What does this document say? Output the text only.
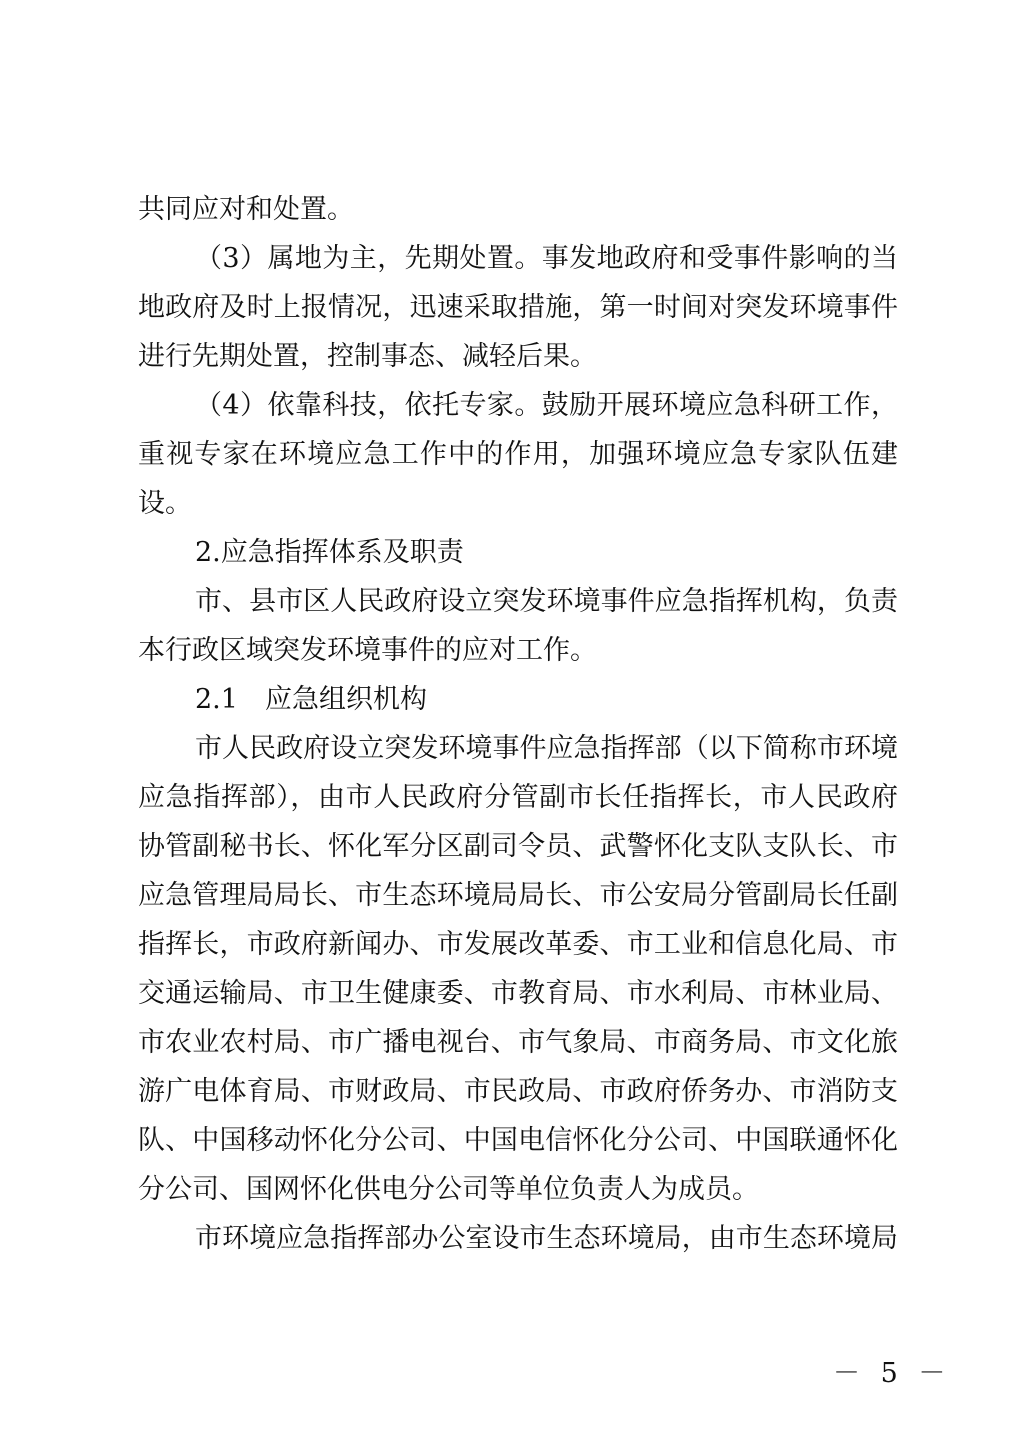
共同应对和处置。
（3）属地为主，先期处置。事发地政府和受事件影响的当
地政府及时上报情况，迅速采取措施，第一时间对突发环境事件
进行先期处置，控制事态、减轻后果。
（4）依靠科技，依托专家。鼓励开展环境应急科研工作，
重视专家在环境应急工作中的作用，加强环境应急专家队伍建
设。
2.应急指挥体系及职责
市、县市区人民政府设立突发环境事件应急指挥机构，负责
本行政区域突发环境事件的应对工作。
2.1　应急组织机构
市人民政府设立突发环境事件应急指挥部（以下简称市环境
应急指挥部），由市人民政府分管副市长任指挥长，市人民政府
协管副秘书长、怀化军分区副司令员、武警怀化支队支队长、市
应急管理局局长、市生态环境局局长、市公安局分管副局长任副
指挥长，市政府新闻办、市发展改革委、市工业和信息化局、市
交通运输局、市卫生健康委、市教育局、市水利局、市林业局、
市农业农村局、市广播电视台、市气象局、市商务局、市文化旅
游广电体育局、市财政局、市民政局、市政府侨务办、市消防支
队、中国移动怀化分公司、中国电信怀化分公司、中国联通怀化
分公司、国网怀化供电分公司等单位负责人为成员。
市环境应急指挥部办公室设市生态环境局，由市生态环境局
－ 5 －
